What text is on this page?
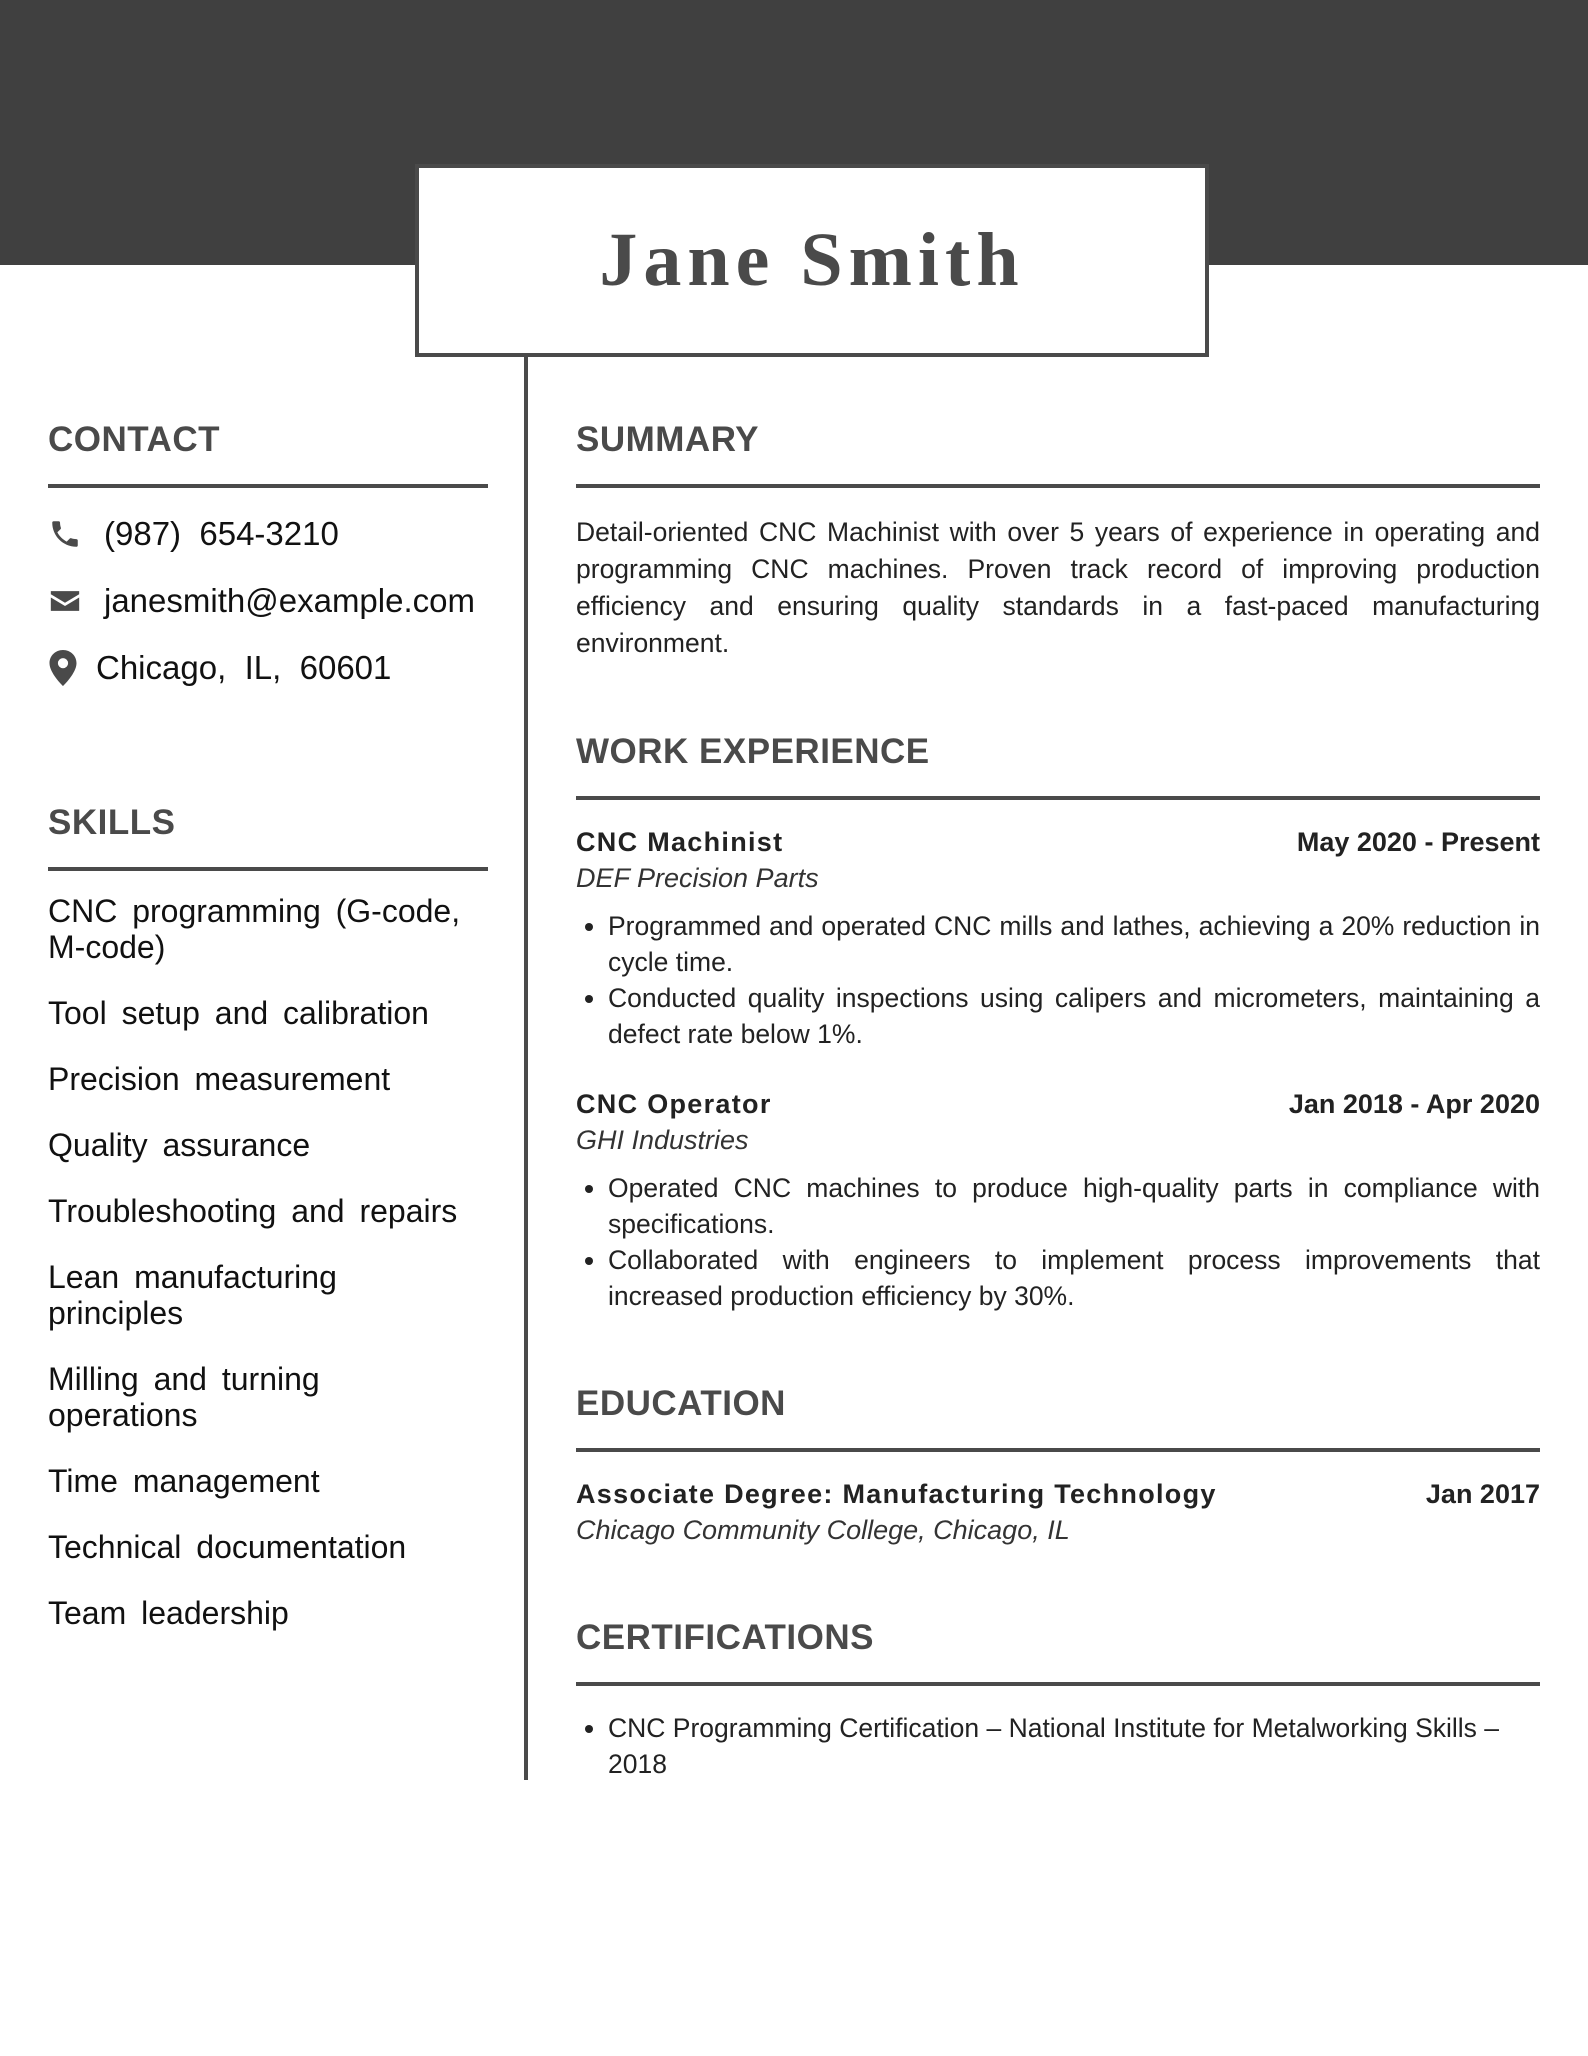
Jane Smith
CONTACT
(987)  654-3210
janesmith@example.com
Chicago,  IL,  60601
SKILLS
CNC programming (G-code, M-code)
Tool setup and calibration
Precision measurement
Quality assurance
Troubleshooting and repairs
Lean manufacturing principles
Milling and turning operations
Time management
Technical documentation
Team leadership
SUMMARY

Detail-oriented CNC Machinist with over 5 years of experience in operating and programming CNC machines. Proven track record of improving production efficiency and ensuring quality standards in a fast-paced manufacturing environment.

WORK EXPERIENCE
CNC Machinist	May 2020 - Present
DEF Precision Parts
• Programmed and operated CNC mills and lathes, achieving a 20% reduction in cycle time.
• Conducted quality inspections using calipers and micrometers, maintaining a defect rate below 1%.
CNC Operator	Jan 2018 - Apr 2020
GHI Industries
• Operated CNC machines to produce high-quality parts in compliance with specifications.
• Collaborated with engineers to implement process improvements that increased production efficiency by 30%.
EDUCATION
Associate Degree: Manufacturing Technology	Jan 2017
Chicago Community College, Chicago, IL
CERTIFICATIONS
• CNC Programming Certification – National Institute for Metalworking Skills – 2018
